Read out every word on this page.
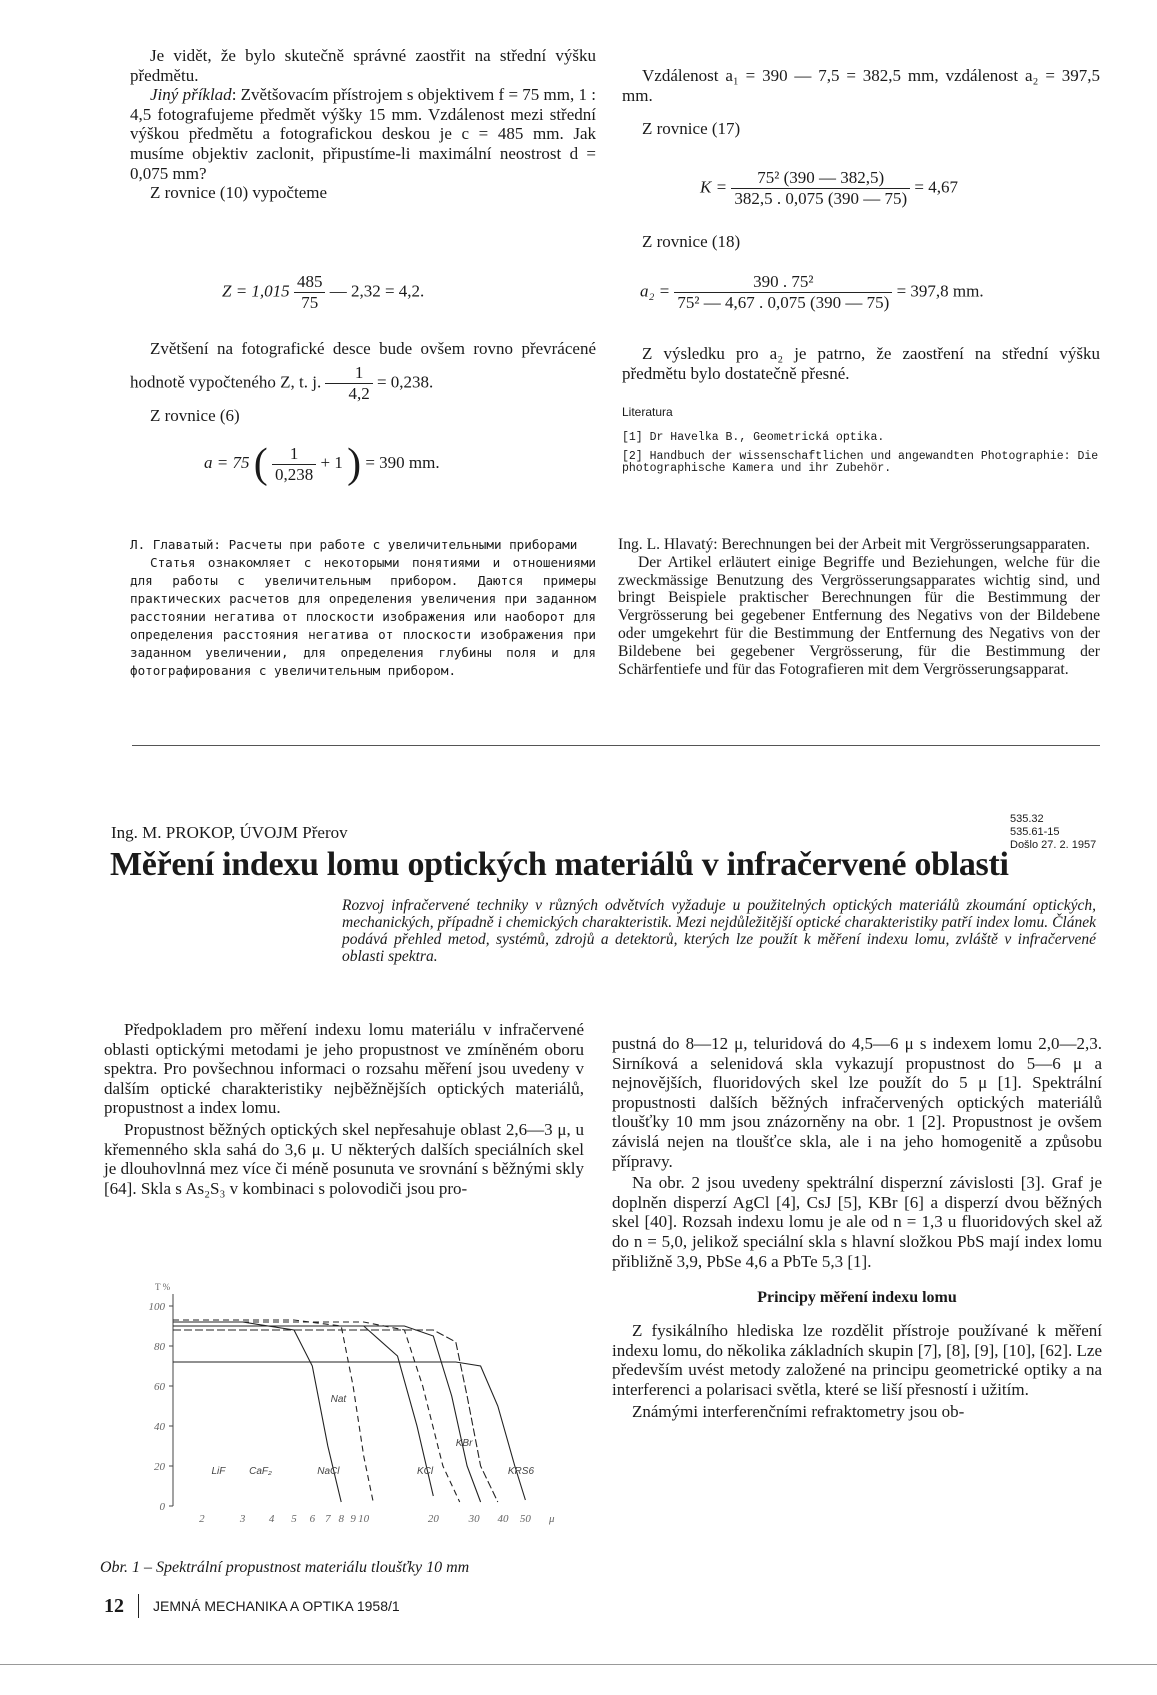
Je vidět, že bylo skutečně správné zaostřit na střední výšku předmětu.

Jiný příklad: Zvětšovacím přístrojem s objektivem f = 75 mm, 1 : 4,5 fotografujeme předmět výšky 15 mm. Vzdálenost mezi střední výškou předmětu a fotografickou deskou je c = 485 mm. Jak musíme objektiv zaclonit, připustíme-li maximální neostrost d = 0,075 mm?

Z rovnice (10) vypočteme

$Z = 1,015 \frac{485}{75}$ — 2,32 = 4,2.

Zvětšení na fotografické desce bude ovšem rovno převrácené hodnotě vypočteného Z, t. j. $\frac{1}{4,2} = 0,238$.

Z rovnice (6)

a = 75 ( $\frac{1}{0,238} + 1$ ) = 390 mm.

Vzdálenost a₁ = 390 — 7,5 = 382,5 mm, vzdálenost a₂ = 397,5 mm.

Z rovnice (17)

$K = \frac{\text{75² (390 — 382,5)}}{382,5 . 0,075 (390 — 75)} = 4,67$

Z rovnice (18)

$a_2 = \frac{\text{390 . 75²}}{\text{75² — 4,67 . 0,075 (390 — 75)}} = 397,8$ mm.

Z výsledku pro a₂ je patrno, že zaostření na střední výšku předmětu bylo dostatečně přesné.

Literatura
[1] Dr Havelka B., Geometrická optika.
[2] Handbuch der wissenschaftlichen und angewandten Photographie: Die photographische Kamera und ihr Zubehör.
Л. Главатый: Расчеты при работе с увеличительными приборами
Статья ознакомляет с некоторыми понятиями и отношениями для работы с увеличительным прибором. Даются примеры практических расчетов для определения увеличения при заданном расстоянии негатива от плоскости изображения или наоборот для определения расстояния негатива от плоскости изображения при заданном увеличении, для определения глубины поля и для фотографирования с увеличительным прибором.
Ing. L. Hlavatý: Berechnungen bei der Arbeit mit Vergrösserungsapparaten.
Der Artikel erläutert einige Begriffe und Beziehungen, welche für die zweckmässige Benutzung des Vergrösserungsapparates wichtig sind, und bringt Beispiele praktischer Berechnungen für die Bestimmung der Vergrösserung bei gegebener Entfernung des Negativs von der Bildebene oder umgekehrt für die Bestimmung der Entfernung des Negativs von der Bildebene bei gegebener Vergrösserung, für die Bestimmung der Schärfentiefe und für das Fotografieren mit dem Vergrösserungsapparat.
Ing. M. PROKOP, ÚVOJM Přerov
535.32
535.61-15
Došlo 27. 2. 1957
Měření indexu lomu optických materiálů v infračervené oblasti
Rozvoj infračervené techniky v různých odvětvích vyžaduje u použitelných optických materiálů zkoumání optických, mechanických, případně i chemických charakteristik. Mezi nejdůležitější optické charakteristiky patří index lomu. Článek podává přehled metod, systémů, zdrojů a detektorů, kterých lze použít k měření indexu lomu, zvláště v infračervené oblasti spektra.

Předpokladem pro měření indexu lomu materiálu v infračervené oblasti optickými metodami je jeho propustnost ve zmíněném oboru spektra. Pro povšechnou informaci o rozsahu měření jsou uvedeny v dalším optické charakteristiky nejběžnějších optických materiálů, propustnost a index lomu.

Propustnost běžných optických skel nepřesahuje oblast 2,6—3 μ, u křemenného skla sahá do 3,6 μ. U některých dalších speciálních skel je dlouhovlnná mez více či méně posunuta ve srovnání s běžnými skly [64]. Skla s As₂S₃ v kombinaci s polovodiči jsou pro-

0
20
40
60
80
100
T %
2	3 4 5 6 7 8 9 10	20	30 40 50 μ
LiF CaF₂
Nat
NaCl	KCl
KBr
KRS6
Obr. 1 – Spektrální propustnost materiálu tloušťky 10 mm

pustná do 8—12 μ, teluridová do 4,5—6 μ s indexem lomu 2,0—2,3. Sirníková a selenidová skla vykazují propustnost do 5—6 μ a nejnovějších, fluoridových skel lze použít do 5 μ [1]. Spektrální propustnosti dalších běžných infračervených optických materiálů tloušťky 10 mm jsou znázorněny na obr. 1 [2]. Propustnost je ovšem závislá nejen na tloušťce skla, ale i na jeho homogenitě a způsobu přípravy.

Na obr. 2 jsou uvedeny spektrální disperzní závislosti [3]. Graf je doplněn disperzí AgCl [4], CsJ [5], KBr [6] a disperzí dvou běžných skel [40]. Rozsah indexu lomu je ale od n = 1,3 u fluoridových skel až do n = 5,0, jelikož speciální skla s hlavní složkou PbS mají index lomu přibližně 3,9, PbSe 4,6 a PbTe 5,3 [1].

Principy měření indexu lomu

Z fysikálního hlediska lze rozdělit přístroje používané k měření indexu lomu, do několika základních skupin [7], [8], [9], [10], [62]. Lze především uvést metody založené na principu geometrické optiky a na interferenci a polarisaci světla, které se liší přesností i užitím.

Známými interferenčními refraktometry jsou ob-

12 JEMNÁ MECHANIKA A OPTIKA 1958/1
